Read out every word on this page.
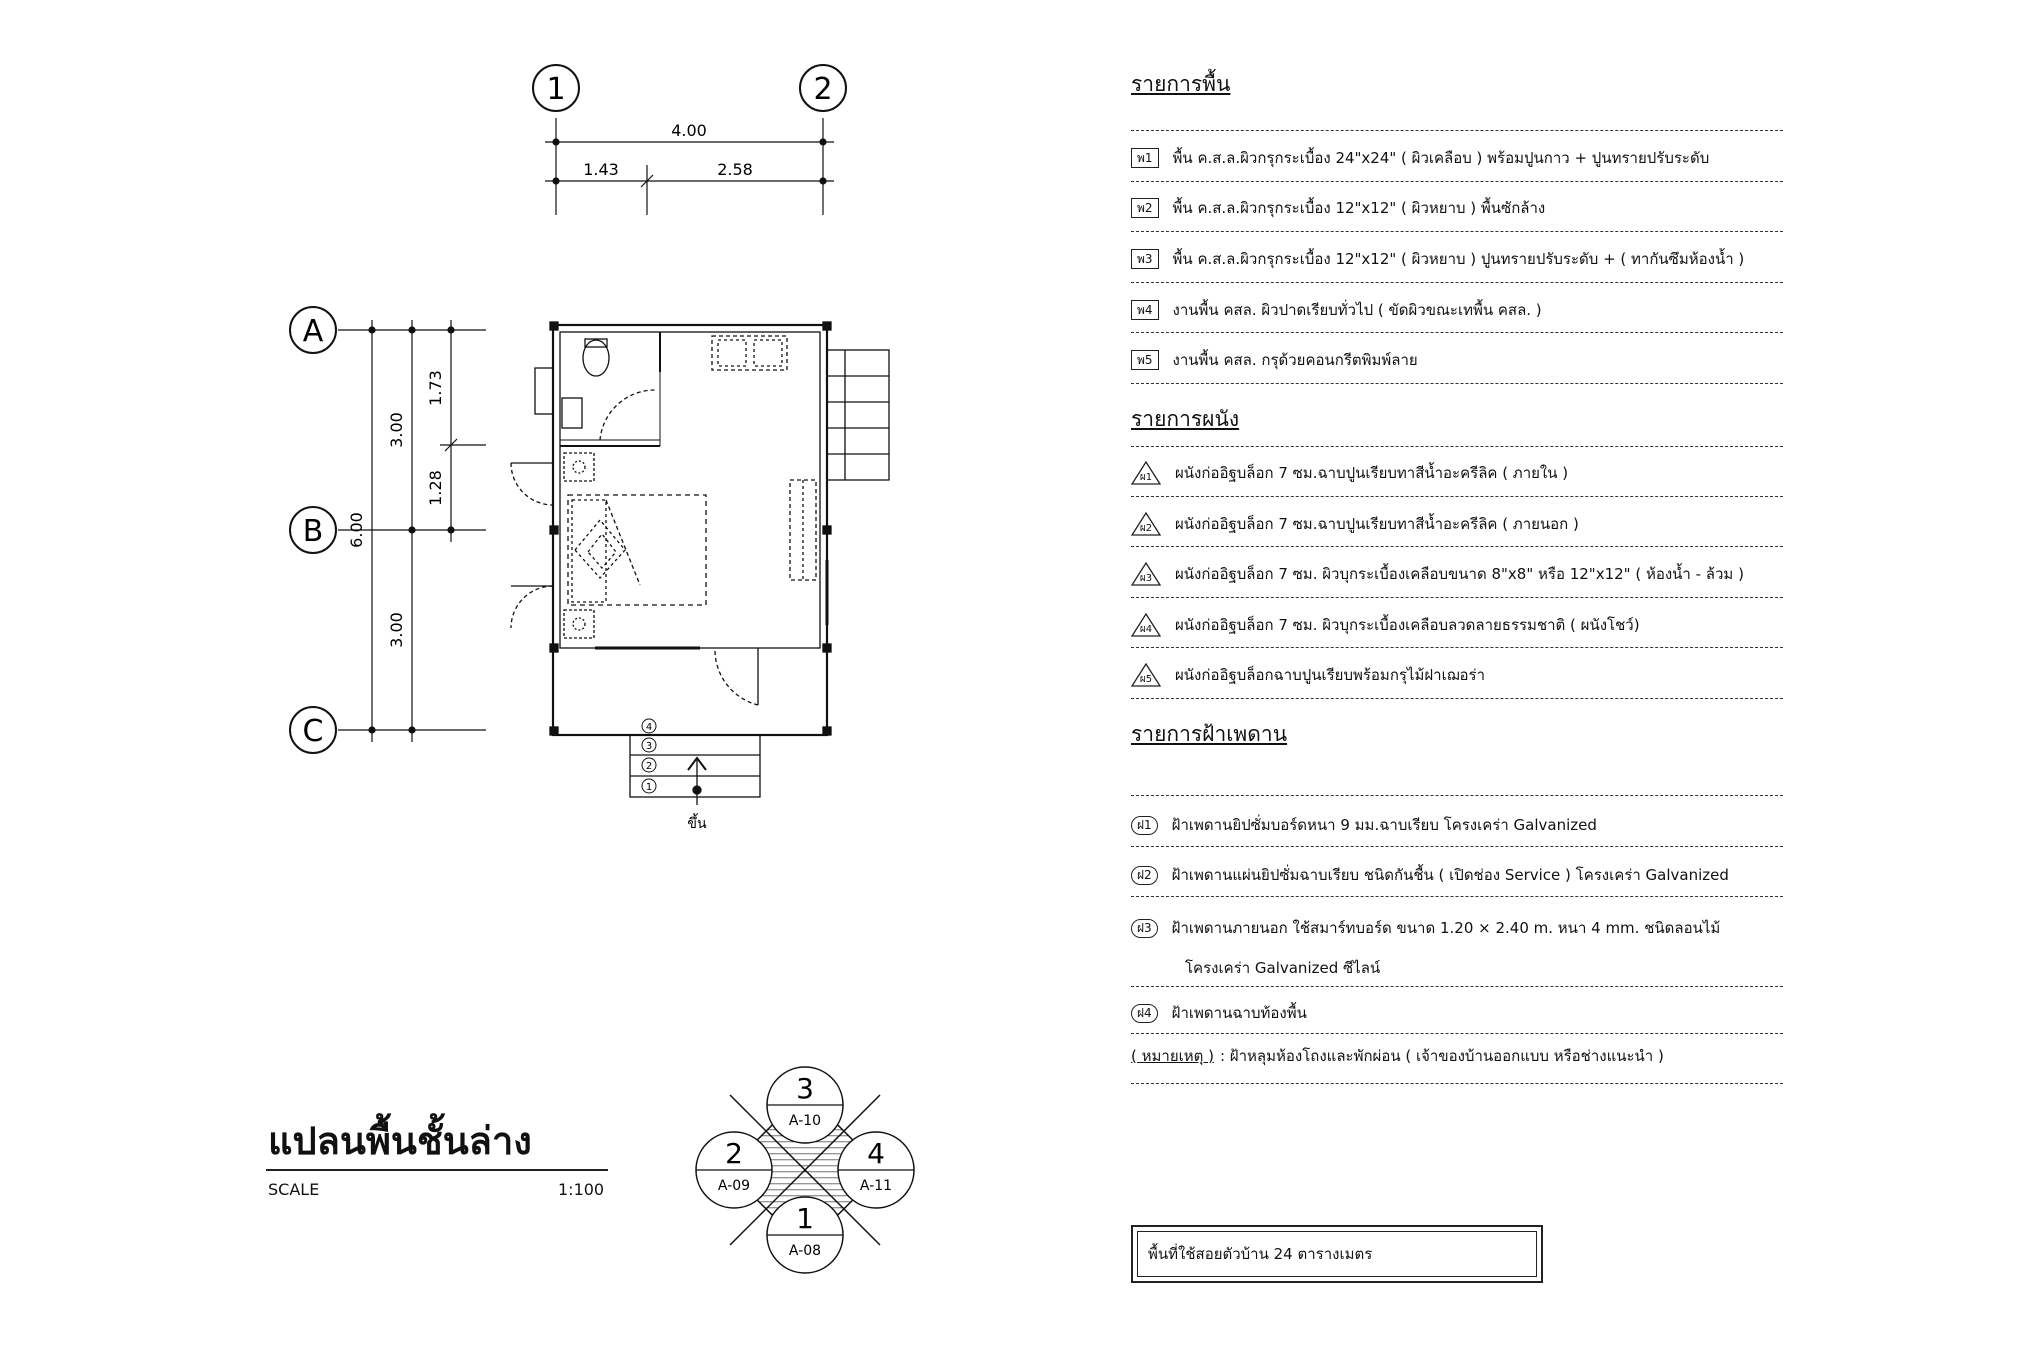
1	2
4.00
1.43	2.58
A
B
C
6.00
3.00
3.00
1.73
1.28
4
3
2
1
ขึ้น
3
A-10
2
A-09
4
A-11
1
A-08
แปลนพื้นชั้นล่าง
SCALE	1:100
รายการพื้น
พ1	พื้น ค.ส.ล.ผิวกรุกระเบื้อง 24"x24" ( ผิวเคลือบ ) พร้อมปูนกาว + ปูนทรายปรับระดับ
พ2	พื้น ค.ส.ล.ผิวกรุกระเบื้อง 12"x12" ( ผิวหยาบ ) พื้นซักล้าง
พ3	พื้น ค.ส.ล.ผิวกรุกระเบื้อง 12"x12" ( ผิวหยาบ ) ปูนทรายปรับระดับ + ( ทากันซึมห้องน้ำ )
พ4	งานพื้น คสล. ผิวปาดเรียบทั่วไป ( ขัดผิวขณะเทพื้น คสล. )
พ5	งานพื้น คสล. กรุด้วยคอนกรีตพิมพ์ลาย
รายการผนัง
ผ1	ผนังก่ออิฐบล็อก 7 ซม.ฉาบปูนเรียบทาสีน้ำอะครีลิค ( ภายใน )
ผ2	ผนังก่ออิฐบล็อก 7 ซม.ฉาบปูนเรียบทาสีน้ำอะครีลิค ( ภายนอก )
ผ3	ผนังก่ออิฐบล็อก 7 ซม. ผิวบุกระเบื้องเคลือบขนาด 8"x8" หรือ 12"x12" ( ห้องน้ำ - ล้วม )
ผ4	ผนังก่ออิฐบล็อก 7 ซม. ผิวบุกระเบื้องเคลือบลวดลายธรรมชาติ ( ผนังโชว์)
ผ5	ผนังก่ออิฐบล็อกฉาบปูนเรียบพร้อมกรุไม้ฝาเฌอร่า
รายการฝ้าเพดาน
ฝ1	ฝ้าเพดานยิปซั่มบอร์ดหนา 9 มม.ฉาบเรียบ โครงเคร่า Galvanized
ฝ2	ฝ้าเพดานแผ่นยิปซั่มฉาบเรียบ ชนิดกันชื้น ( เปิดช่อง Service ) โครงเคร่า Galvanized
ฝ3	ฝ้าเพดานภายนอก ใช้สมาร์ทบอร์ด ขนาด 1.20 × 2.40 m. หนา 4 mm. ชนิดลอนไม้
โครงเคร่า Galvanized ซีไลน์
ฝ4	ฝ้าเพดานฉาบท้องพื้น
( หมายเหตุ ) : ฝ้าหลุมห้องโถงและพักผ่อน ( เจ้าของบ้านออกแบบ หรือช่างแนะนำ )
พื้นที่ใช้สอยตัวบ้าน 24 ตารางเมตร
